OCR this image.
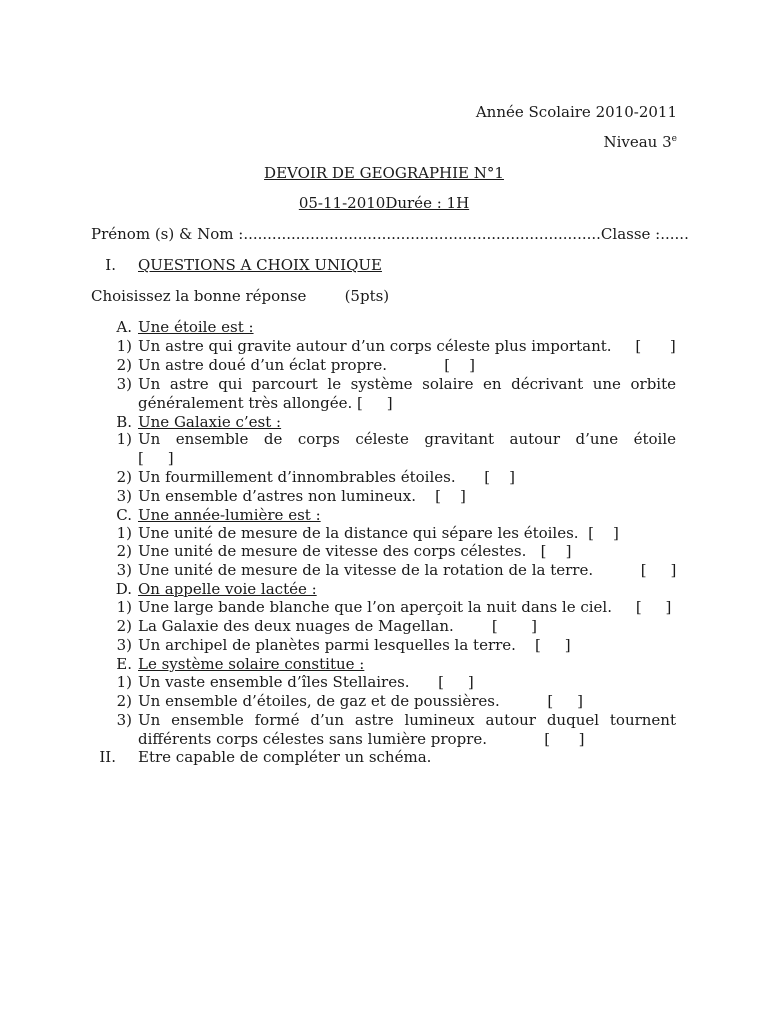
Année Scolaire 2010-2011
Niveau 3e
DEVOIR DE GEOGRAPHIE N°1
05-11-2010Durée : 1H
Prénom (s) & Nom :...........................................................................Classe :......
I. QUESTIONS A CHOIX UNIQUE
Choisissez la bonne réponse        (5pts)
A. Une étoile est :
1) Un astre qui gravite autour d’un corps céleste plus important.     [      ]
2) Un astre doué d’un éclat propre.            [    ]
3) Un astre qui parcourt le système solaire en décrivant une orbite
généralement très allongée. [     ]
B. Une Galaxie c’est :
1) Un ensemble de corps céleste gravitant autour d’une étoile
[     ]
2) Un fourmillement d’innombrables étoiles.      [    ]
3) Un ensemble d’astres non lumineux.    [    ]
C. Une année-lumière est :
1) Une unité de mesure de la distance qui sépare les étoiles.  [    ]
2) Une unité de mesure de vitesse des corps célestes.   [    ]
3) Une unité de mesure de la vitesse de la rotation de la terre.          [     ]
D. On appelle voie lactée :
1) Une large bande blanche que l’on aperçoit la nuit dans le ciel.     [     ]
2) La Galaxie des deux nuages de Magellan.        [       ]
3) Un archipel de planètes parmi lesquelles la terre.    [     ]
E. Le système solaire constitue :
1) Un vaste ensemble d’îles Stellaires.      [     ]
2) Un ensemble d’étoiles, de gaz et de poussières.          [     ]
3) Un ensemble formé d’un astre lumineux autour duquel tournent
différents corps célestes sans lumière propre.            [      ]
II. Etre capable de compléter un schéma.
